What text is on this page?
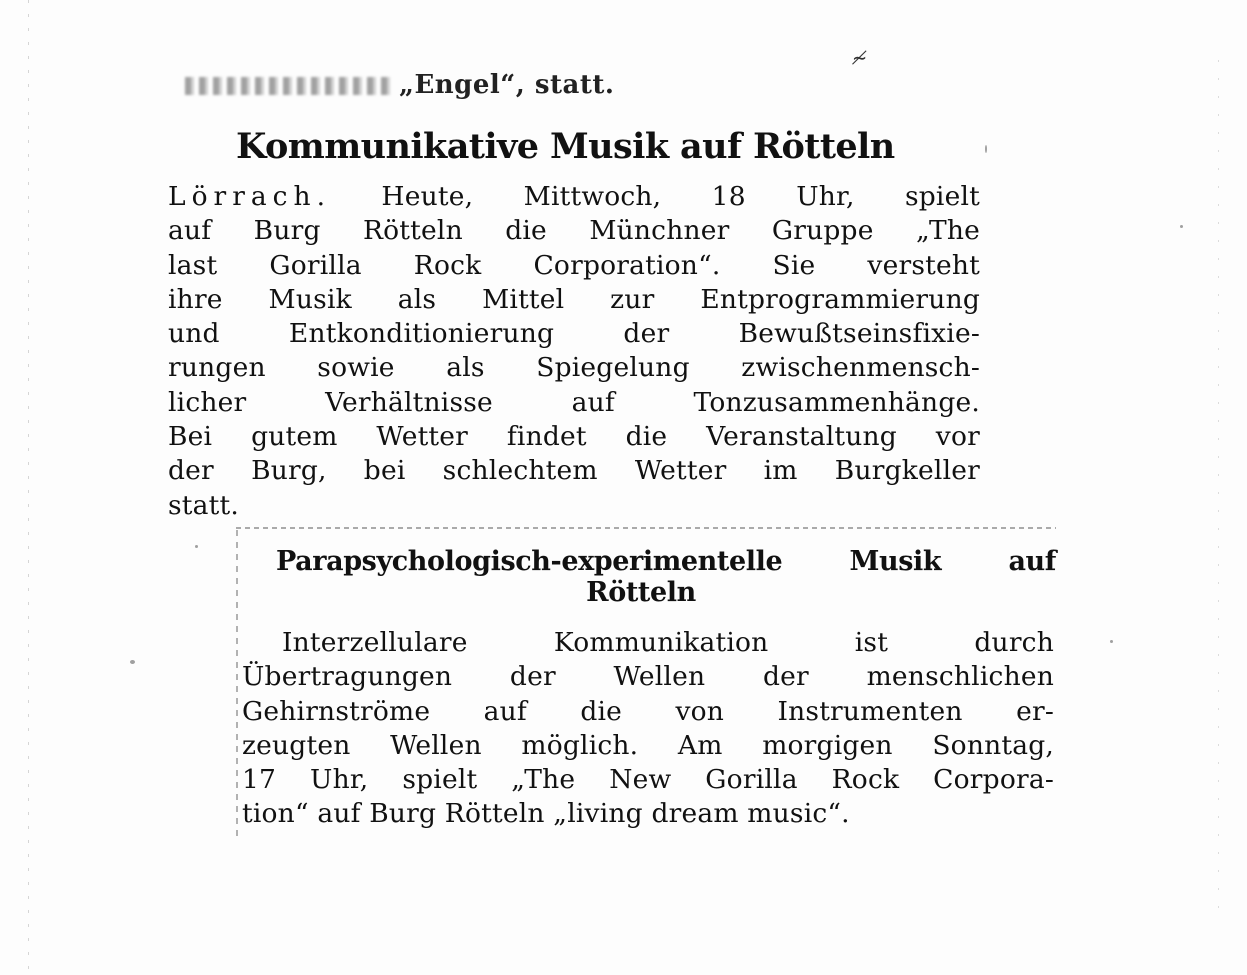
≁
„Engel“, statt.
Kommunikative Musik auf Rötteln
Lörrach. Heute, Mittwoch, 18 Uhr, spielt
auf Burg Rötteln die Münchner Gruppe „The
last Gorilla Rock Corporation“. Sie versteht
ihre Musik als Mittel zur Entprogrammierung
und Entkonditionierung der Bewußtseinsfixie-
rungen sowie als Spiegelung zwischenmensch-
licher Verhältnisse auf Tonzusammenhänge.
Bei gutem Wetter findet die Veranstaltung vor
der Burg, bei schlechtem Wetter im Burgkeller
statt.
Parapsychologisch-experimentelle Musik auf
Rötteln
Interzellulare Kommunikation ist durch
Übertragungen der Wellen der menschlichen
Gehirnströme auf die von Instrumenten er-
zeugten Wellen möglich. Am morgigen Sonntag,
17 Uhr, spielt „The New Gorilla Rock Corpora-
tion“ auf Burg Rötteln „living dream music“.
